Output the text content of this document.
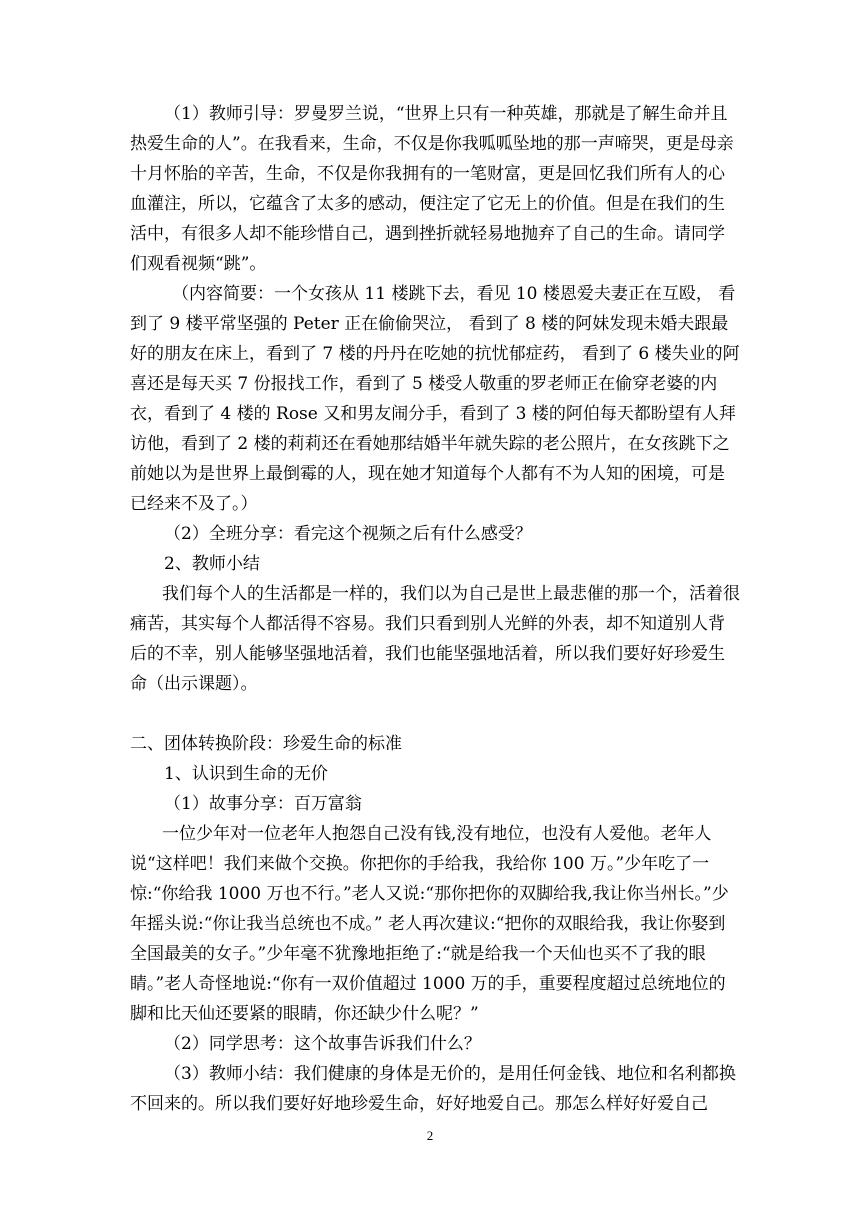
（1）教师引导：罗曼罗兰说，“世界上只有一种英雄，那就是了解生命并且热爱生命的人”。在我看来，生命，不仅是你我呱呱坠地的那一声啼哭，更是母亲十月怀胎的辛苦，生命，不仅是你我拥有的一笔财富，更是回忆我们所有人的心血灌注，所以，它蕴含了太多的感动，便注定了它无上的价值。但是在我们的生活中，有很多人却不能珍惜自己，遇到挫折就轻易地抛弃了自己的生命。请同学们观看视频“跳”。

（内容简要：一个女孩从 11 楼跳下去，看见 10 楼恩爱夫妻正在互殴， 看到了 9 楼平常坚强的 Peter 正在偷偷哭泣， 看到了 8 楼的阿妹发现未婚夫跟最好的朋友在床上，看到了 7 楼的丹丹在吃她的抗忧郁症药， 看到了 6 楼失业的阿喜还是每天买 7 份报找工作，看到了 5 楼受人敬重的罗老师正在偷穿老婆的内衣，看到了 4 楼的 Rose 又和男友闹分手，看到了 3 楼的阿伯每天都盼望有人拜访他，看到了 2 楼的莉莉还在看她那结婚半年就失踪的老公照片，在女孩跳下之前她以为是世界上最倒霉的人，现在她才知道每个人都有不为人知的困境，可是已经来不及了。）

（2）全班分享：看完这个视频之后有什么感受？

2、教师小结

我们每个人的生活都是一样的，我们以为自己是世上最悲催的那一个，活着很痛苦，其实每个人都活得不容易。我们只看到别人光鲜的外表，却不知道别人背后的不幸，别人能够坚强地活着，我们也能坚强地活着，所以我们要好好珍爱生命（出示课题）。

二、团体转换阶段：珍爱生命的标准

1、认识到生命的无价

（1）故事分享：百万富翁

一位少年对一位老年人抱怨自己没有钱,没有地位，也没有人爱他。老年人说“这样吧！我们来做个交换。你把你的手给我，我给你 100 万。”少年吃了一惊:“你给我 1000 万也不行。”老人又说:“那你把你的双脚给我,我让你当州长。”少年摇头说:“你让我当总统也不成。” 老人再次建议:“把你的双眼给我，我让你娶到全国最美的女子。”少年毫不犹豫地拒绝了:“就是给我一个天仙也买不了我的眼睛。”老人奇怪地说:“你有一双价值超过 1000 万的手，重要程度超过总统地位的脚和比天仙还要紧的眼睛，你还缺少什么呢？”

（2）同学思考：这个故事告诉我们什么？

（3）教师小结：我们健康的身体是无价的，是用任何金钱、地位和名利都换不回来的。所以我们要好好地珍爱生命，好好地爱自己。那怎么样好好爱自己

2
